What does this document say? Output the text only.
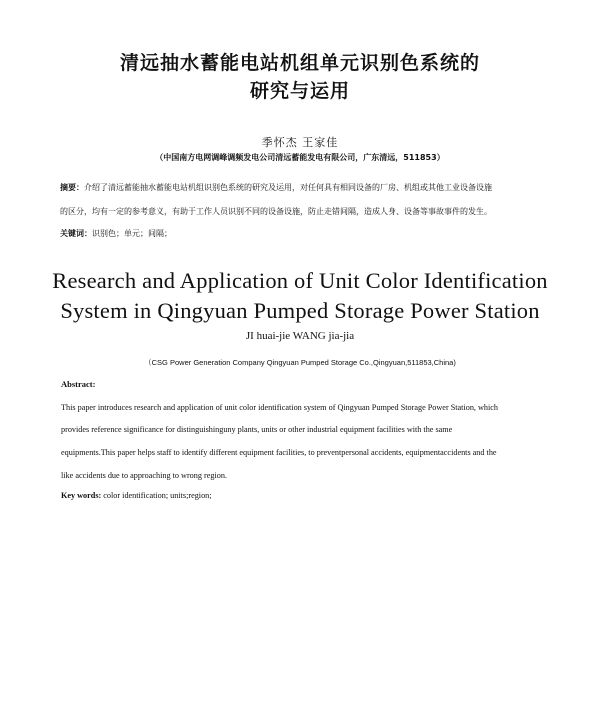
清远抽水蓄能电站机组单元识别色系统的
研究与运用
季怀杰 王家佳
（中国南方电网调峰调频发电公司清远蓄能发电有限公司，广东清远，511853）
摘要：介绍了清远蓄能抽水蓄能电站机组识别色系统的研究及运用，对任何具有相同设备的厂房、机组或其他工业设备设施
的区分，均有一定的参考意义，有助于工作人员识别不同的设备设施，防止走错间隔，造成人身、设备等事故事件的发生。
关键词：识别色；单元；间隔；
Research and Application of Unit Color Identification
System in Qingyuan Pumped Storage Power Station
JI huai-jie WANG jia-jia
（CSG Power Generation Company Qingyuan Pumped Storage Co.,Qingyuan,511853,China)
Abstract:
This paper introduces research and application of unit color identification system of Qingyuan Pumped Storage Power Station, which
provides reference significance for distinguishinguny plants, units or other industrial equipment facilities with the same
equipments.This paper helps staff to identify different equipment facilities, to preventpersonal accidents, equipmentaccidents and the
like accidents due to approaching to wrong region.
Key words: color identification; units;region;
